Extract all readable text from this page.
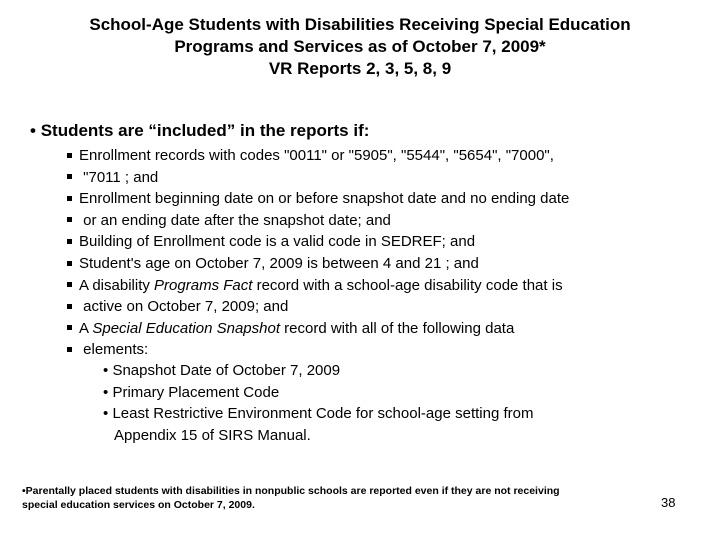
School-Age Students with Disabilities Receiving Special Education
Programs and Services as of October 7, 2009*
VR Reports 2, 3, 5, 8, 9
• Students are “included” in the reports if:
Enrollment records with codes "0011" or "5905", "5544", "5654", "7000",
"7011 ; and
Enrollment beginning date on or before snapshot date and no ending date
or an ending date after the snapshot date; and
Building of Enrollment code is a valid code in SEDREF; and
Student's age on October 7, 2009 is between 4 and 21 ; and
A disability Programs Fact record with a school-age disability code that is
active on October 7, 2009; and
A Special Education Snapshot record with all of the following data
elements:
• Snapshot Date of October 7, 2009
• Primary Placement Code
• Least Restrictive Environment Code for school-age setting from
Appendix 15 of SIRS Manual.
•Parentally placed students with disabilities in nonpublic schools are reported even if they are not receiving
special education services on October 7, 2009.	38
